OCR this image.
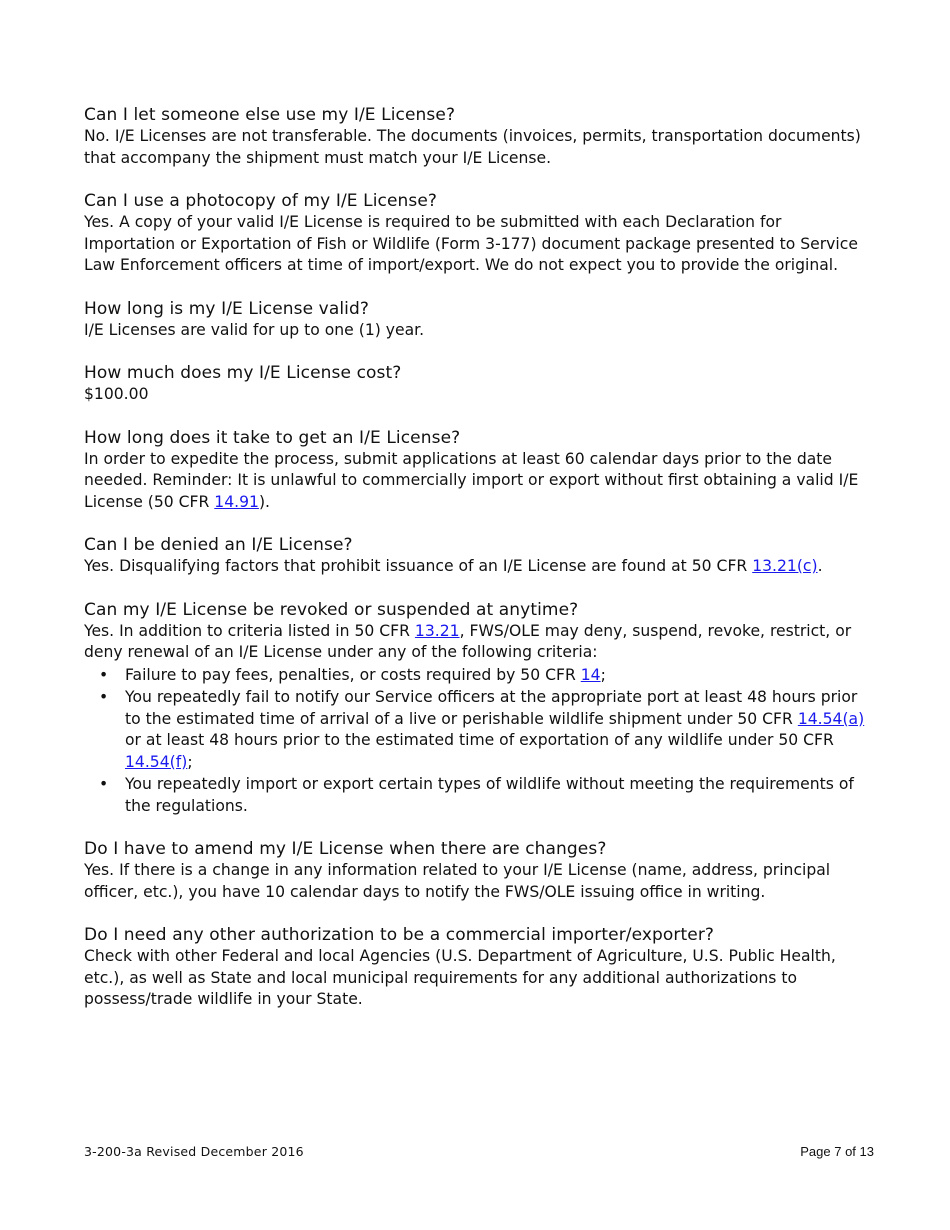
Can I let someone else use my I/E License?

No. I/E Licenses are not transferable. The documents (invoices, permits, transportation documents) that accompany the shipment must match your I/E License.

Can I use a photocopy of my I/E License?

Yes. A copy of your valid I/E License is required to be submitted with each Declaration for Importation or Exportation of Fish or Wildlife (Form 3-177) document package presented to Service Law Enforcement officers at time of import/export. We do not expect you to provide the original.

How long is my I/E License valid?

I/E Licenses are valid for up to one (1) year.

How much does my I/E License cost?

$100.00

How long does it take to get an I/E License?

In order to expedite the process, submit applications at least 60 calendar days prior to the date needed. Reminder: It is unlawful to commercially import or export without first obtaining a valid I/E License (50 CFR 14.91).

Can I be denied an I/E License?

Yes. Disqualifying factors that prohibit issuance of an I/E License are found at 50 CFR 13.21(c).

Can my I/E License be revoked or suspended at anytime?

Yes. In addition to criteria listed in 50 CFR 13.21, FWS/OLE may deny, suspend, revoke, restrict, or deny renewal of an I/E License under any of the following criteria:

• Failure to pay fees, penalties, or costs required by 50 CFR 14;
• You repeatedly fail to notify our Service officers at the appropriate port at least 48 hours prior to the estimated time of arrival of a live or perishable wildlife shipment under 50 CFR 14.54(a) or at least 48 hours prior to the estimated time of exportation of any wildlife under 50 CFR 14.54(f);
• You repeatedly import or export certain types of wildlife without meeting the requirements of the regulations.

Do I have to amend my I/E License when there are changes?

Yes. If there is a change in any information related to your I/E License (name, address, principal officer, etc.), you have 10 calendar days to notify the FWS/OLE issuing office in writing.

Do I need any other authorization to be a commercial importer/exporter?

Check with other Federal and local Agencies (U.S. Department of Agriculture, U.S. Public Health, etc.), as well as State and local municipal requirements for any additional authorizations to possess/trade wildlife in your State.

3-200-3a Revised December 2016	Page 7 of 13
